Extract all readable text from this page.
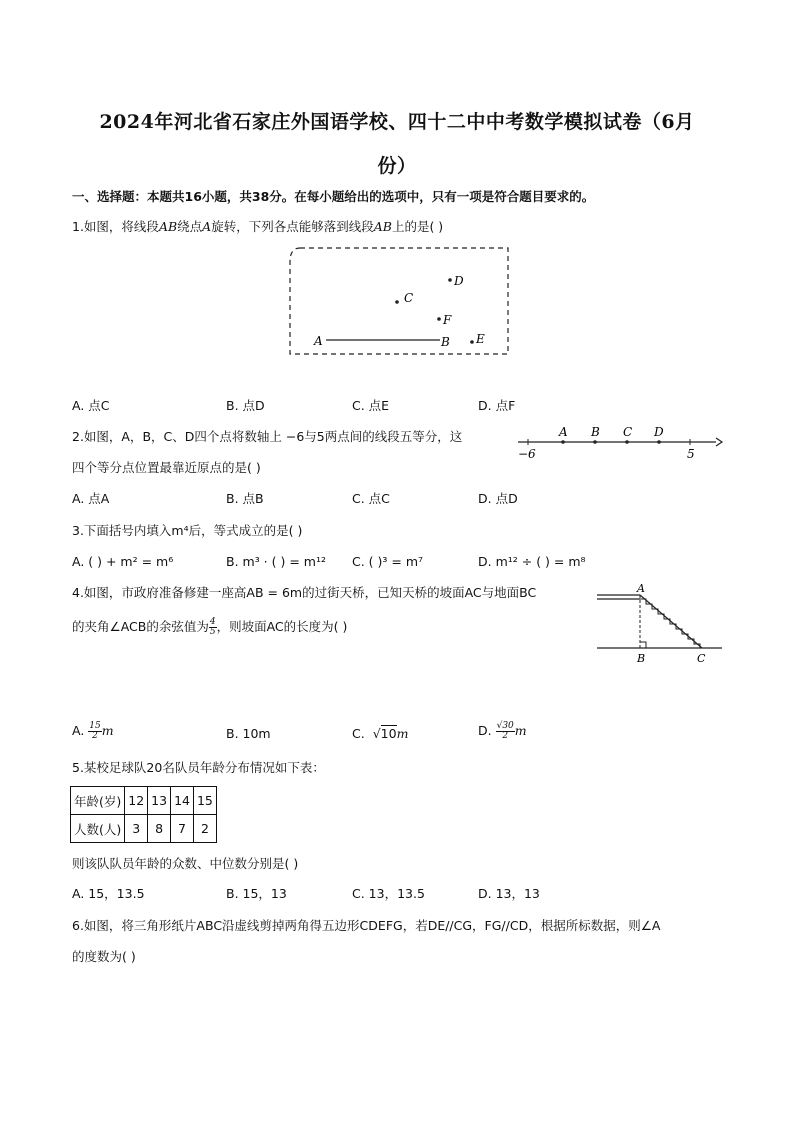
2024年河北省石家庄外国语学校、四十二中中考数学模拟试卷（6月
份）
一、选择题：本题共16小题，共38分。在每小题给出的选项中，只有一项是符合题目要求的。
1.如图，将线段AB绕点A旋转，下列各点能够落到线段AB上的是( )
A	B
C
D
F
E
A. 点C	B. 点D	C. 点E	D. 点F
2.如图，A，B，C、D四个点将数轴上 −6与5两点间的线段五等分，这
四个等分点位置最靠近原点的是( )
A B C D
−6	5
A. 点A	B. 点B	C. 点C	D. 点D
3.下面括号内填入m⁴后，等式成立的是( )
A. ( ) + m² = m⁶	B. m³ · ( ) = m¹² C. ( )³ = m⁷	D. m¹² ÷ ( ) = m⁸
4.如图，市政府准备修建一座高AB = 6m的过街天桥，已知天桥的坡面AC与地面BC
的夹角∠ACB的余弦值为 $\frac{4}{5}$ ，则坡面AC的长度为( )
A
B	C
A. $\frac{15}{2}$ m	B. 10m	C. √10m	D. $\frac{√30}{2}$ m
5.某校足球队20名队员年龄分布情况如下表：
年龄(岁)	12	13	14	15
人数(人)	3	8	7	2
则该队队员年龄的众数、中位数分别是( )
A. 15，13.5	B. 15，13	C. 13，13.5	D. 13，13
6.如图，将三角形纸片ABC沿虚线剪掉两角得五边形CDEFG，若DE//CG，FG//CD，根据所标数据，则∠A
的度数为( )
